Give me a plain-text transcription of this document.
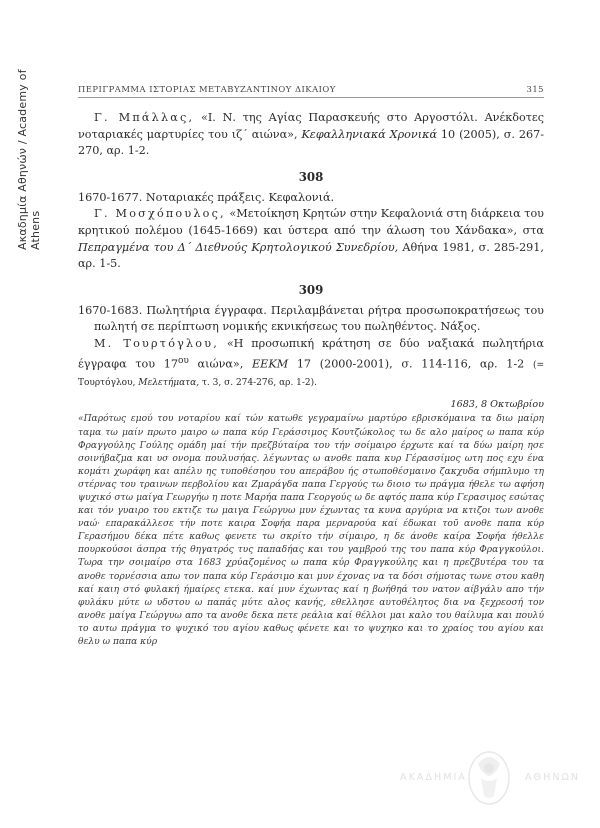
Ακαδημία Αθηνών / Academy of Athens
ΠΕΡΙΓΡΑΜΜΑ ΙΣΤΟΡΙΑΣ ΜΕΤΑΒΥΖΑΝΤΙΝΟΥ ΔΙΚΑΙΟΥ	315

Γ. Μπάλλας, «Ι. Ν. της Αγίας Παρασκευής στο Αργοστόλι. Ανέκδοτες νοταριακές μαρτυρίες του ιζ΄ αιώνα», Κεφαλληνιακά Χρονικά 10 (2005), σ. 267-270, αρ. 1-2.

308

1670-1677. Νοταριακές πράξεις. Κεφαλονιά.

Γ. Μοσχόπουλος, «Μετοίκηση Κρητών στην Κεφαλονιά στη διάρκεια του κρητικού πολέμου (1645-1669) και ύστερα από την άλωση του Χάνδακα», στα Πεπραγμένα του Δ΄ Διεθνούς Κρητολογικού Συνεδρίου, Αθήνα 1981, σ. 285-291, αρ. 1-5.

309

1670-1683. Πωλητήρια έγγραφα. Περιλαμβάνεται ρήτρα προσωποκρατήσεως του πωλητή σε περίπτωση νομικής εκνικήσεως του πωληθέντος. Νάξος.

Μ. Τουρτόγλου, «Η προσωπική κράτηση σε δύο ναξιακά πωλητήρια έγγραφα του $17^{o\upsilon}$ αιώνα», ΕΕΚΜ 17 (2000-2001), σ. 114-116, αρ. 1-2 (= Τουρτόγλου, Μελετήματα, τ. 3, σ. 274-276, αρ. 1-2).

1683, 8 Οκτωβρίου

«Παρότως εμού του νοταρίου καί τών κατωθε γεγραμαίνω μαρτύρο εβρισκόμαινα τα διω μαίρη ταμα τω μαίν πρωτο μαιρο ω παπα κύρ Γεράσσιμος Κουτζώκολος τω δε αλο μαίρος ω παπα κύρ Φραγγούλης Γούλης ομάδη μαί τήν πρεζβύταίρα του τήν σοίμαιρο έρχωτε καί τα δύω μαίρη ησε σοινήβαζμα και υσ ονομα πουλυσήας. λέγωντας ω ανοθε παπα κυρ Γέρασσίμος ωτη πος εχυ ένα κομάτι χωράφη και απέλυ ης τυποθέσηου του απεράβου ής στωποθέσμαινο ζακχυδα σήμπλυμο τη στέρνας του τραινων περβολίου και Ζμαράγδα παπα Γεργούς τω διοιο τω πράγμα ήθελε τω αφήση ψυχικό στω μαίγα Γεωργήω η ποτε Μαρήα παπα Γεοργούς ω δε αφτός παπα κύρ Γερασιμος εσώτας και τόν γυαιρο του εκτιζε τω μαιγα Γεώργυω μυν έχωντας τα κυνα αργύρια να κτιζοι των ανοθε ναώ· επαρακάλλεσε τήν ποτε καιρα Σοφήα παρα μερναρούα καί έδωκαι τοῦ ανοθε παπα κύρ Γερασήμου δέκα πέτε καθως φενετε τω σκρίτο τήν σίμαιρο, η δε άνοθε καίρα Σοφήα ήθελλε πουρκούσοι άσπρα τής θηγατρός τυς παπαδήας και του γαμβρού της του παπα κύρ Φραγγκούλοι. Τωρα την σοιμαίρο στα 1683 χρύαζομένος ω παπα κύρ Φραγγκούλης και η πρεζβυτέρα του τα ανοθε τορνέσσια απω τον παπα κύρ Γεράσιμο και μυν έχονας να τα δόσι σήμοτας τωνε στου καθη καί καιη στό φυλακή ήμαίρες ετεκα. καί μυν έχωντας καί η βωήθηά του νατον αίβγάλυ απο τήν φυλάκυ μύτε ω υδστου ω παπάς μύτε αλος κανής, εθελλησε αυτοθέλητος δια να ξεχρεοσή τον ανοθε μαίγα Γεώργυω απο τα ανοθε δεκα πετε ρεάλια καί θέλλοι μαι καλο του θαίλυμα και πουλύ το αυτω πράγμα το ψυχικό του αγίου καθως φένετε και το ψυχηκο και το χραίος του αγίου και θελυ ω παπα κύρ

ΑΚΑΔΗΜΙΑ	ΑΘΗΝΩΝ
